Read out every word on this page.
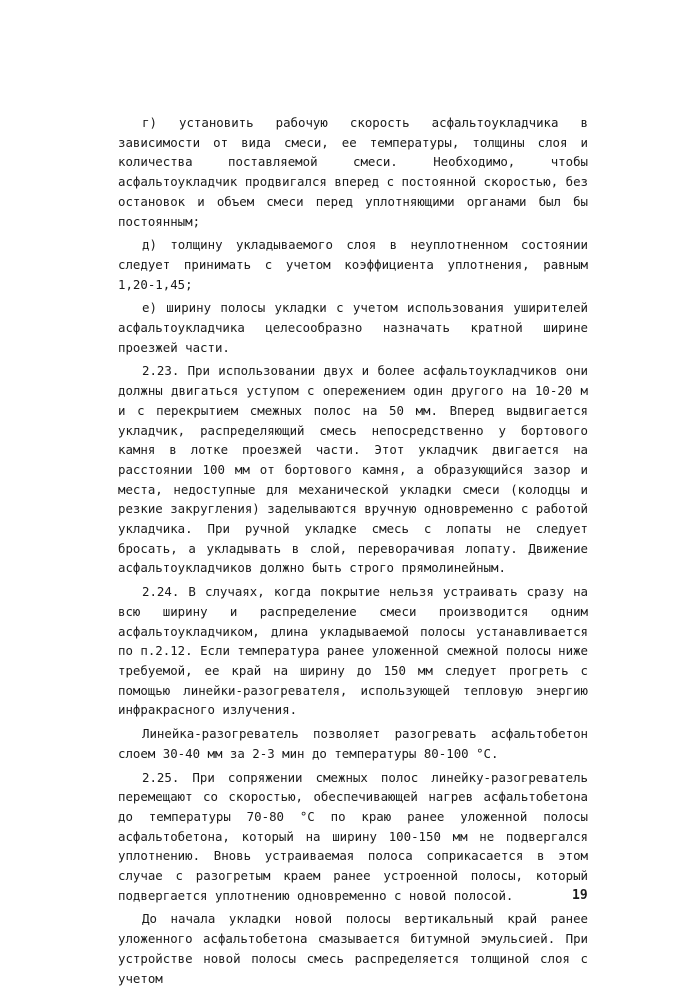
г) установить рабочую скорость асфальтоукладчика в зависимости от вида смеси, ее температуры, толщины слоя и количества поставляемой смеси. Необходимо, чтобы асфальтоукладчик продвигался вперед с постоянной скоростью, без остановок и объем смеси перед уплотняющими органами был бы постоянным;

д) толщину укладываемого слоя в неуплотненном состоянии следует принимать с учетом коэффициента уплотнения, равным 1,20-1,45;

е) ширину полосы укладки с учетом использования уширителей асфальтоукладчика целесообразно назначать кратной ширине проезжей части.

2.23. При использовании двух и более асфальтоукладчиков они должны двигаться уступом с опережением один другого на 10-20 м и с перекрытием смежных полос на 50 мм. Вперед выдвигается укладчик, распределяющий смесь непосредственно у бортового камня в лотке проезжей части. Этот укладчик двигается на расстоянии 100 мм от бортового камня, а образующийся зазор и места, недоступные для механической укладки смеси (колодцы и резкие закругления) заделываются вручную одновременно с работой укладчика. При ручной укладке смесь с лопаты не следует бросать, а укладывать в слой, переворачивая лопату. Движение асфальтоукладчиков должно быть строго прямолинейным.

2.24. В случаях, когда покрытие нельзя устраивать сразу на всю ширину и распределение смеси производится одним асфальтоукладчиком, длина укладываемой полосы устанавливается по п.2.12. Если температура ранее уложенной смежной полосы ниже требуемой, ее край на ширину до 150 мм следует прогреть с помощью линейки-разогревателя, использующей тепловую энергию инфракрасного излучения.

Линейка-разогреватель позволяет разогревать асфальтобетон слоем 30-40 мм за 2-3 мин до температуры 80-100 °С.

2.25. При сопряжении смежных полос линейку-разогреватель перемещают со скоростью, обеспечивающей нагрев асфальтобетона до температуры 70-80 °С по краю ранее уложенной полосы асфальтобетона, который на ширину 100-150 мм не подвергался уплотнению. Вновь устраиваемая полоса соприкасается в этом случае с разогретым краем ранее устроенной полосы, который подвергается уплотнению одновременно с новой полосой.

До начала укладки новой полосы вертикальный край ранее уложенного асфальтобетона смазывается битумной эмульсией. При устройстве новой полосы смесь распределяется толщиной слоя с учетом

19
